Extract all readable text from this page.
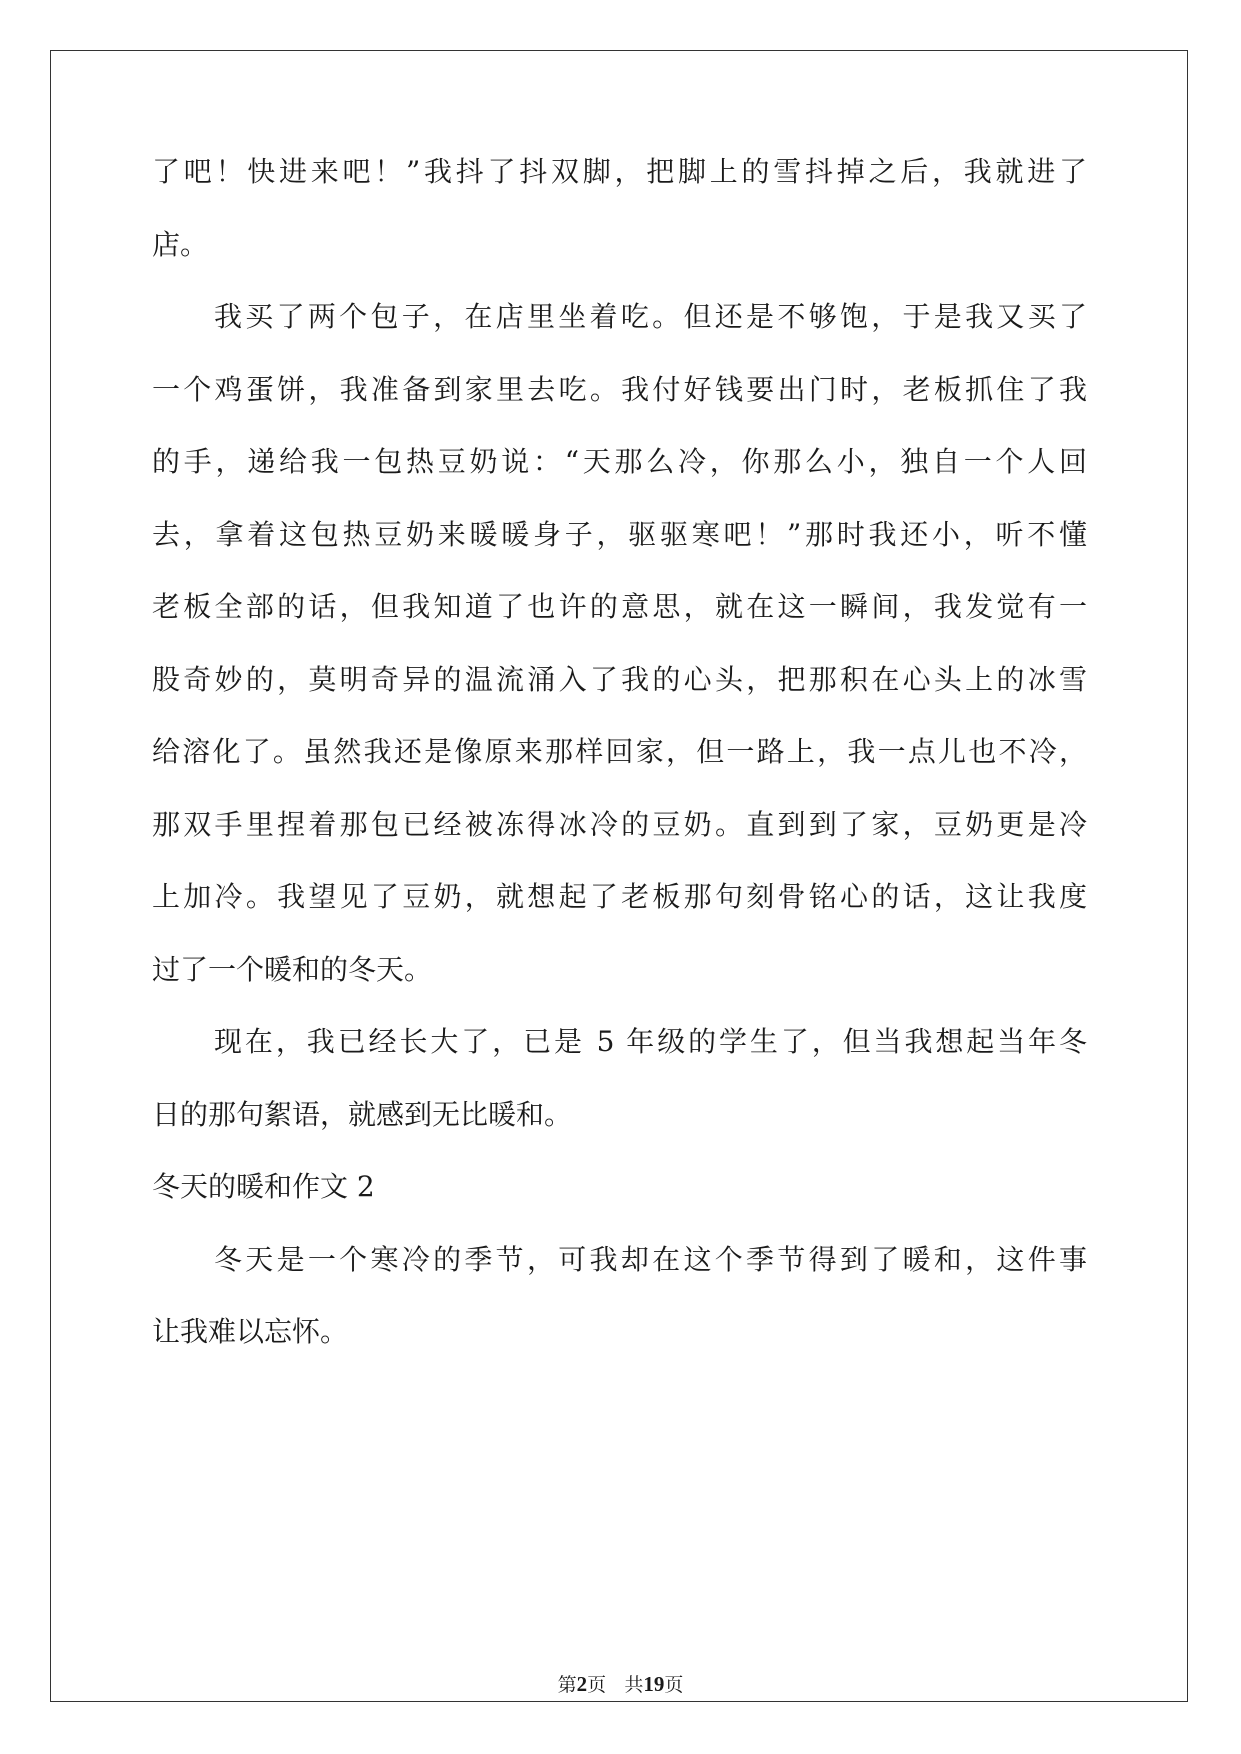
了吧！快进来吧！”我抖了抖双脚，把脚上的雪抖掉之后，我就进了
店。
我买了两个包子，在店里坐着吃。但还是不够饱，于是我又买了
一个鸡蛋饼，我准备到家里去吃。我付好钱要出门时，老板抓住了我
的手，递给我一包热豆奶说：“天那么冷，你那么小，独自一个人回
去，拿着这包热豆奶来暖暖身子，驱驱寒吧！”那时我还小，听不懂
老板全部的话，但我知道了也许的意思，就在这一瞬间，我发觉有一
股奇妙的，莫明奇异的温流涌入了我的心头，把那积在心头上的冰雪
给溶化了。虽然我还是像原来那样回家，但一路上，我一点儿也不冷，
那双手里捏着那包已经被冻得冰冷的豆奶。直到到了家，豆奶更是冷
上加冷。我望见了豆奶，就想起了老板那句刻骨铭心的话，这让我度
过了一个暖和的冬天。
现在，我已经长大了，已是 5 年级的学生了，但当我想起当年冬
日的那句絮语，就感到无比暖和。
冬天的暖和作文 2
冬天是一个寒冷的季节，可我却在这个季节得到了暖和，这件事
让我难以忘怀。
第2页 共19页
